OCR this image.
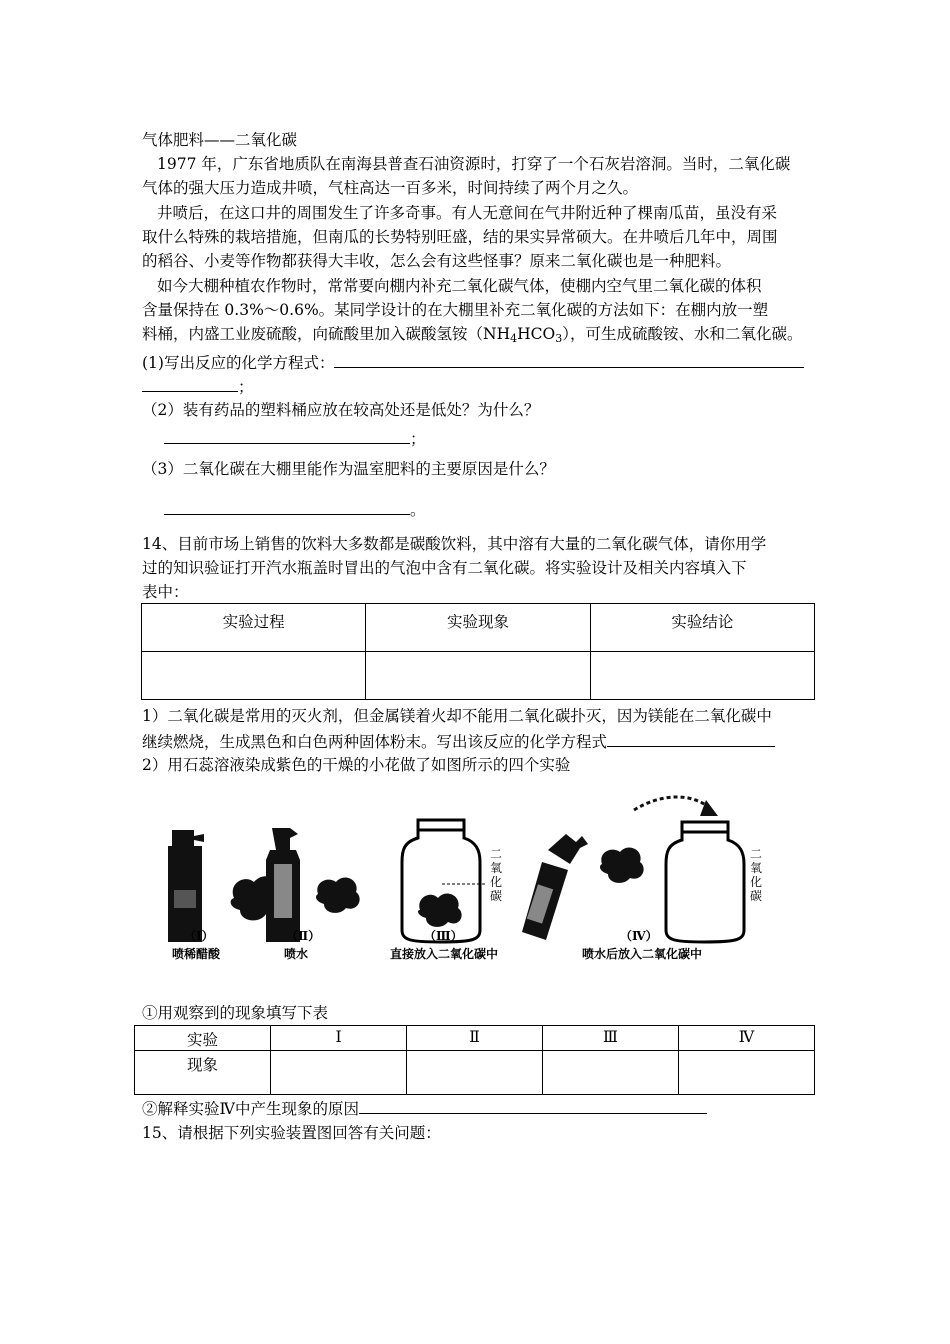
气体肥料——二氧化碳
1977 年，广东省地质队在南海县普查石油资源时，打穿了一个石灰岩溶洞。当时，二氧化碳
气体的强大压力造成井喷，气柱高达一百多米，时间持续了两个月之久。
井喷后，在这口井的周围发生了许多奇事。有人无意间在气井附近种了棵南瓜苗，虽没有采
取什么特殊的栽培措施，但南瓜的长势特别旺盛，结的果实异常硕大。在井喷后几年中，周围
的稻谷、小麦等作物都获得大丰收，怎么会有这些怪事？原来二氧化碳也是一种肥料。
如今大棚种植农作物时，常常要向棚内补充二氧化碳气体，使棚内空气里二氧化碳的体积
含量保持在 0.3%～0.6%。某同学设计的在大棚里补充二氧化碳的方法如下：在棚内放一塑
料桶，内盛工业废硫酸，向硫酸里加入碳酸氢铵$(NH_4HCO_3)$，可生成硫酸铵、水和二氧化碳。
(1)写出反应的化学方程式：
；
（2）装有药品的塑料桶应放在较高处还是低处？为什么？
；
（3）二氧化碳在大棚里能作为温室肥料的主要原因是什么？
。
14、目前市场上销售的饮料大多数都是碳酸饮料，其中溶有大量的二氧化碳气体，请你用学
过的知识验证打开汽水瓶盖时冒出的气泡中含有二氧化碳。将实验设计及相关内容填入下
表中：
实验过程	实验现象	实验结论

1）二氧化碳是常用的灭火剂，但金属镁着火却不能用二氧化碳扑灭，因为镁能在二氧化碳中
继续燃烧，生成黑色和白色两种固体粉末。写出该反应的化学方程式
2）用石蕊溶液染成紫色的干燥的小花做了如图所示的四个实验
二
氧
化
碳
二
氧
化
碳
（Ⅰ）	（Ⅱ）	（Ⅲ）	（Ⅳ）
喷稀醋酸	喷水	直接放入二氧化碳中	喷水后放入二氧化碳中
①用观察到的现象填写下表
实验	Ⅰ	Ⅱ	Ⅲ	Ⅳ
现象				
②解释实验Ⅳ中产生现象的原因
15、请根据下列实验装置图回答有关问题：
